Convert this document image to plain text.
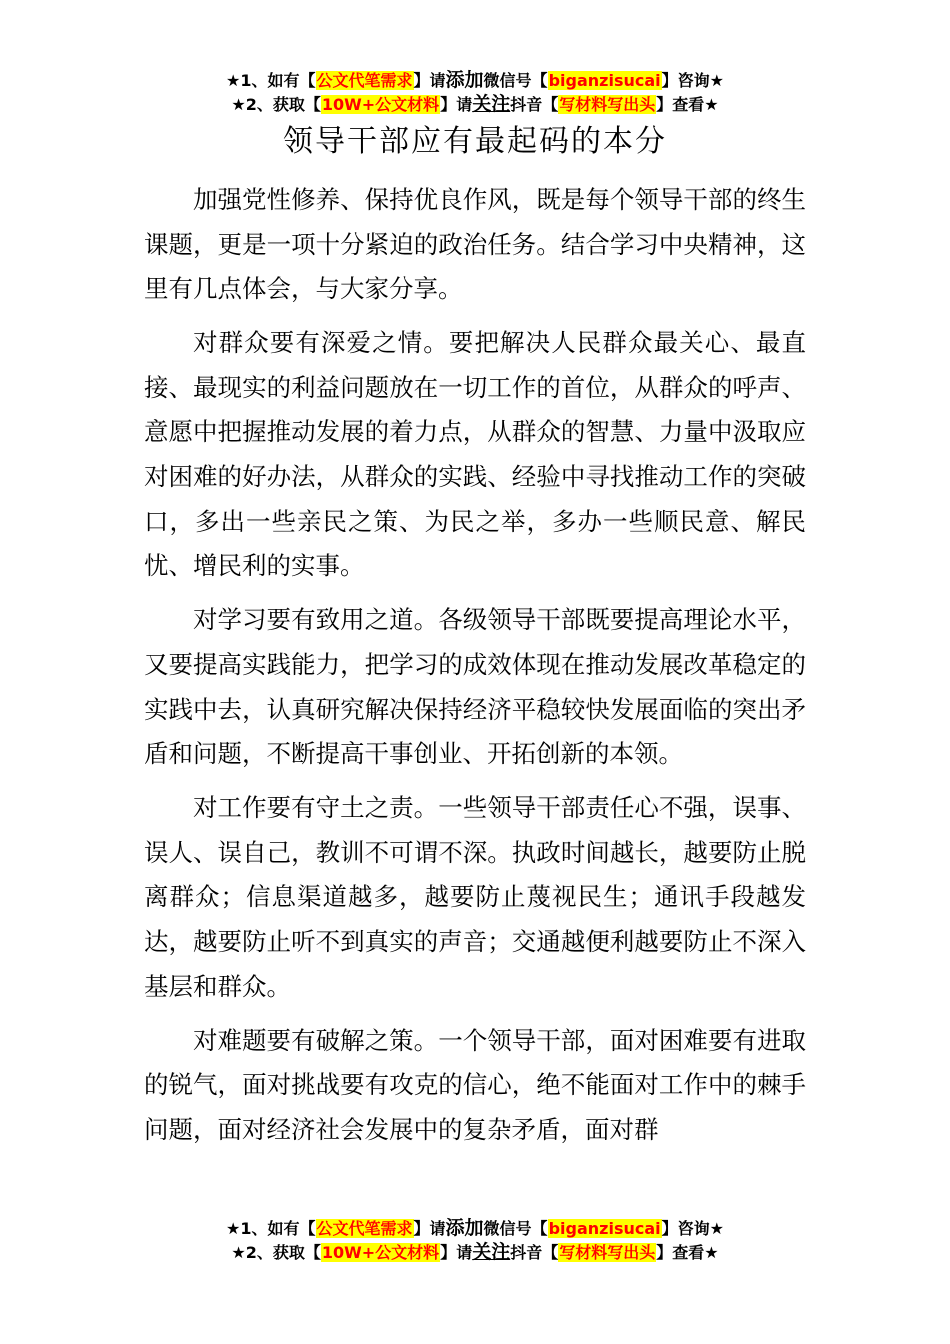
★1、如有【公文代笔需求】请添加微信号【biganzisucai】咨询★
★2、获取【10W+公文材料】请关注抖音【写材料写出头】查看★
领导干部应有最起码的本分

加强党性修养、保持优良作风，既是每个领导干部的终生课题，更是一项十分紧迫的政治任务。结合学习中央精神，这里有几点体会，与大家分享。

对群众要有深爱之情。要把解决人民群众最关心、最直接、最现实的利益问题放在一切工作的首位，从群众的呼声、意愿中把握推动发展的着力点，从群众的智慧、力量中汲取应对困难的好办法，从群众的实践、经验中寻找推动工作的突破口，多出一些亲民之策、为民之举，多办一些顺民意、解民忧、增民利的实事。

对学习要有致用之道。各级领导干部既要提高理论水平，又要提高实践能力，把学习的成效体现在推动发展改革稳定的实践中去，认真研究解决保持经济平稳较快发展面临的突出矛盾和问题，不断提高干事创业、开拓创新的本领。

对工作要有守土之责。一些领导干部责任心不强，误事、误人、误自己，教训不可谓不深。执政时间越长，越要防止脱离群众；信息渠道越多，越要防止蔑视民生；通讯手段越发达，越要防止听不到真实的声音；交通越便利越要防止不深入基层和群众。

对难题要有破解之策。一个领导干部，面对困难要有进取的锐气，面对挑战要有攻克的信心，绝不能面对工作中的棘手问题，面对经济社会发展中的复杂矛盾，面对群

★1、如有【公文代笔需求】请添加微信号【biganzisucai】咨询★
★2、获取【10W+公文材料】请关注抖音【写材料写出头】查看★
